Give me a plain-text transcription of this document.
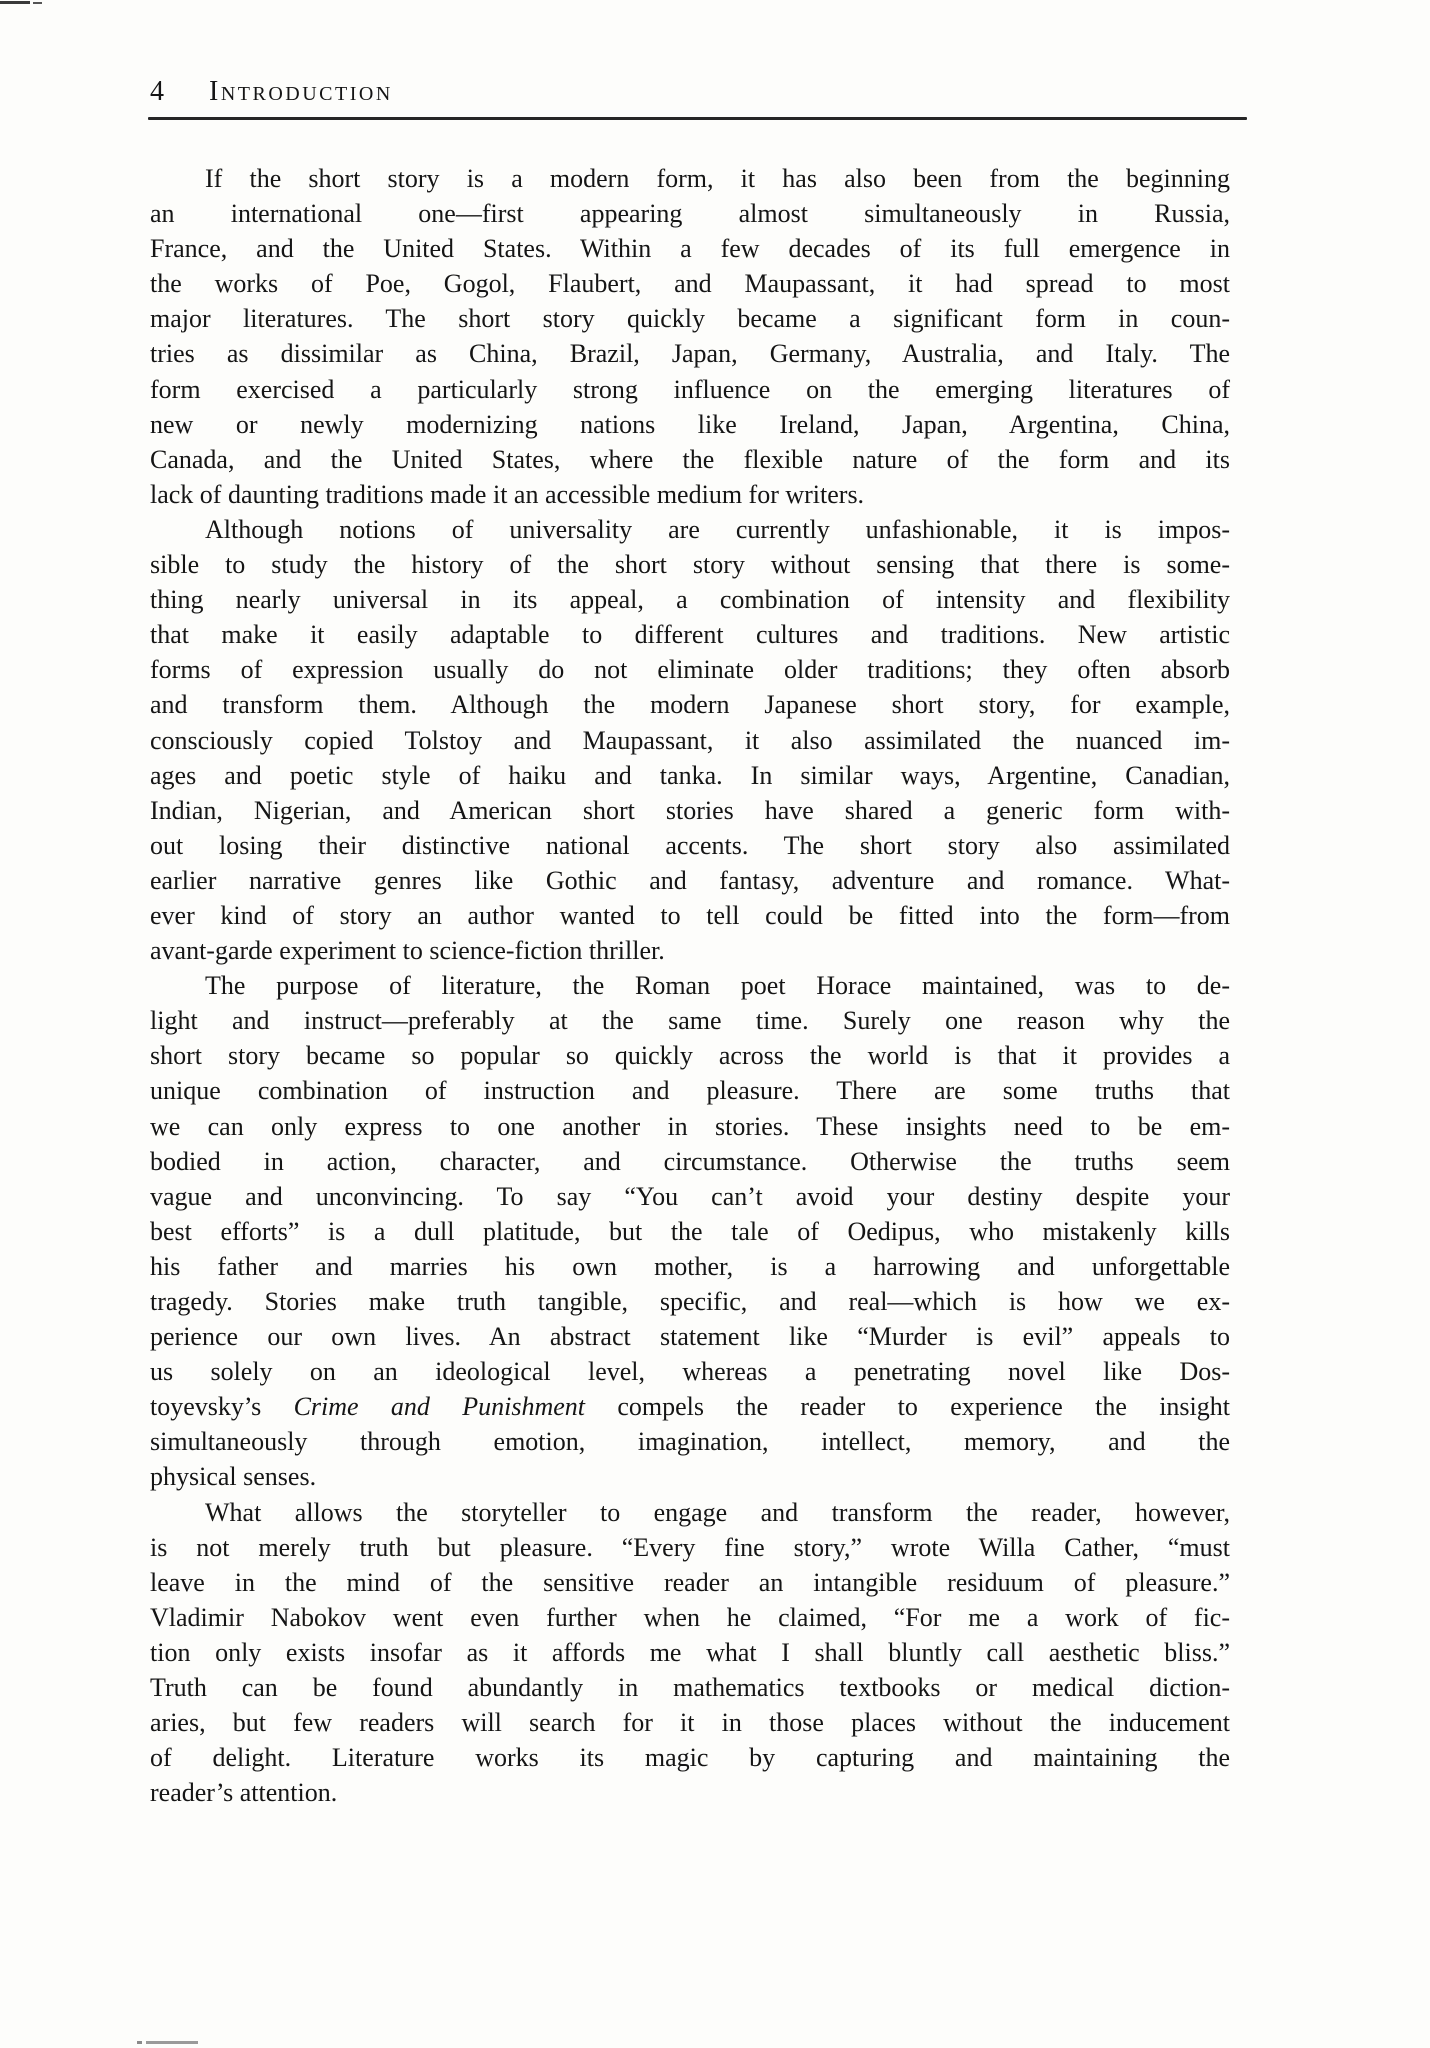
4 Introduction
If the short story is a modern form, it has also been from the beginning
an international one—first appearing almost simultaneously in Russia,
France, and the United States. Within a few decades of its full emergence in
the works of Poe, Gogol, Flaubert, and Maupassant, it had spread to most
major literatures. The short story quickly became a significant form in coun-
tries as dissimilar as China, Brazil, Japan, Germany, Australia, and Italy. The
form exercised a particularly strong influence on the emerging literatures of
new or newly modernizing nations like Ireland, Japan, Argentina, China,
Canada, and the United States, where the flexible nature of the form and its
lack of daunting traditions made it an accessible medium for writers.
Although notions of universality are currently unfashionable, it is impos-
sible to study the history of the short story without sensing that there is some-
thing nearly universal in its appeal, a combination of intensity and flexibility
that make it easily adaptable to different cultures and traditions. New artistic
forms of expression usually do not eliminate older traditions; they often absorb
and transform them. Although the modern Japanese short story, for example,
consciously copied Tolstoy and Maupassant, it also assimilated the nuanced im-
ages and poetic style of haiku and tanka. In similar ways, Argentine, Canadian,
Indian, Nigerian, and American short stories have shared a generic form with-
out losing their distinctive national accents. The short story also assimilated
earlier narrative genres like Gothic and fantasy, adventure and romance. What-
ever kind of story an author wanted to tell could be fitted into the form—from
avant-garde experiment to science-fiction thriller.
The purpose of literature, the Roman poet Horace maintained, was to de-
light and instruct—preferably at the same time. Surely one reason why the
short story became so popular so quickly across the world is that it provides a
unique combination of instruction and pleasure. There are some truths that
we can only express to one another in stories. These insights need to be em-
bodied in action, character, and circumstance. Otherwise the truths seem
vague and unconvincing. To say “You can’t avoid your destiny despite your
best efforts” is a dull platitude, but the tale of Oedipus, who mistakenly kills
his father and marries his own mother, is a harrowing and unforgettable
tragedy. Stories make truth tangible, specific, and real—which is how we ex-
perience our own lives. An abstract statement like “Murder is evil” appeals to
us solely on an ideological level, whereas a penetrating novel like Dos-
toyevsky’s Crime and Punishment compels the reader to experience the insight
simultaneously through emotion, imagination, intellect, memory, and the
physical senses.
What allows the storyteller to engage and transform the reader, however,
is not merely truth but pleasure. “Every fine story,” wrote Willa Cather, “must
leave in the mind of the sensitive reader an intangible residuum of pleasure.”
Vladimir Nabokov went even further when he claimed, “For me a work of fic-
tion only exists insofar as it affords me what I shall bluntly call aesthetic bliss.”
Truth can be found abundantly in mathematics textbooks or medical diction-
aries, but few readers will search for it in those places without the inducement
of delight. Literature works its magic by capturing and maintaining the
reader’s attention.
